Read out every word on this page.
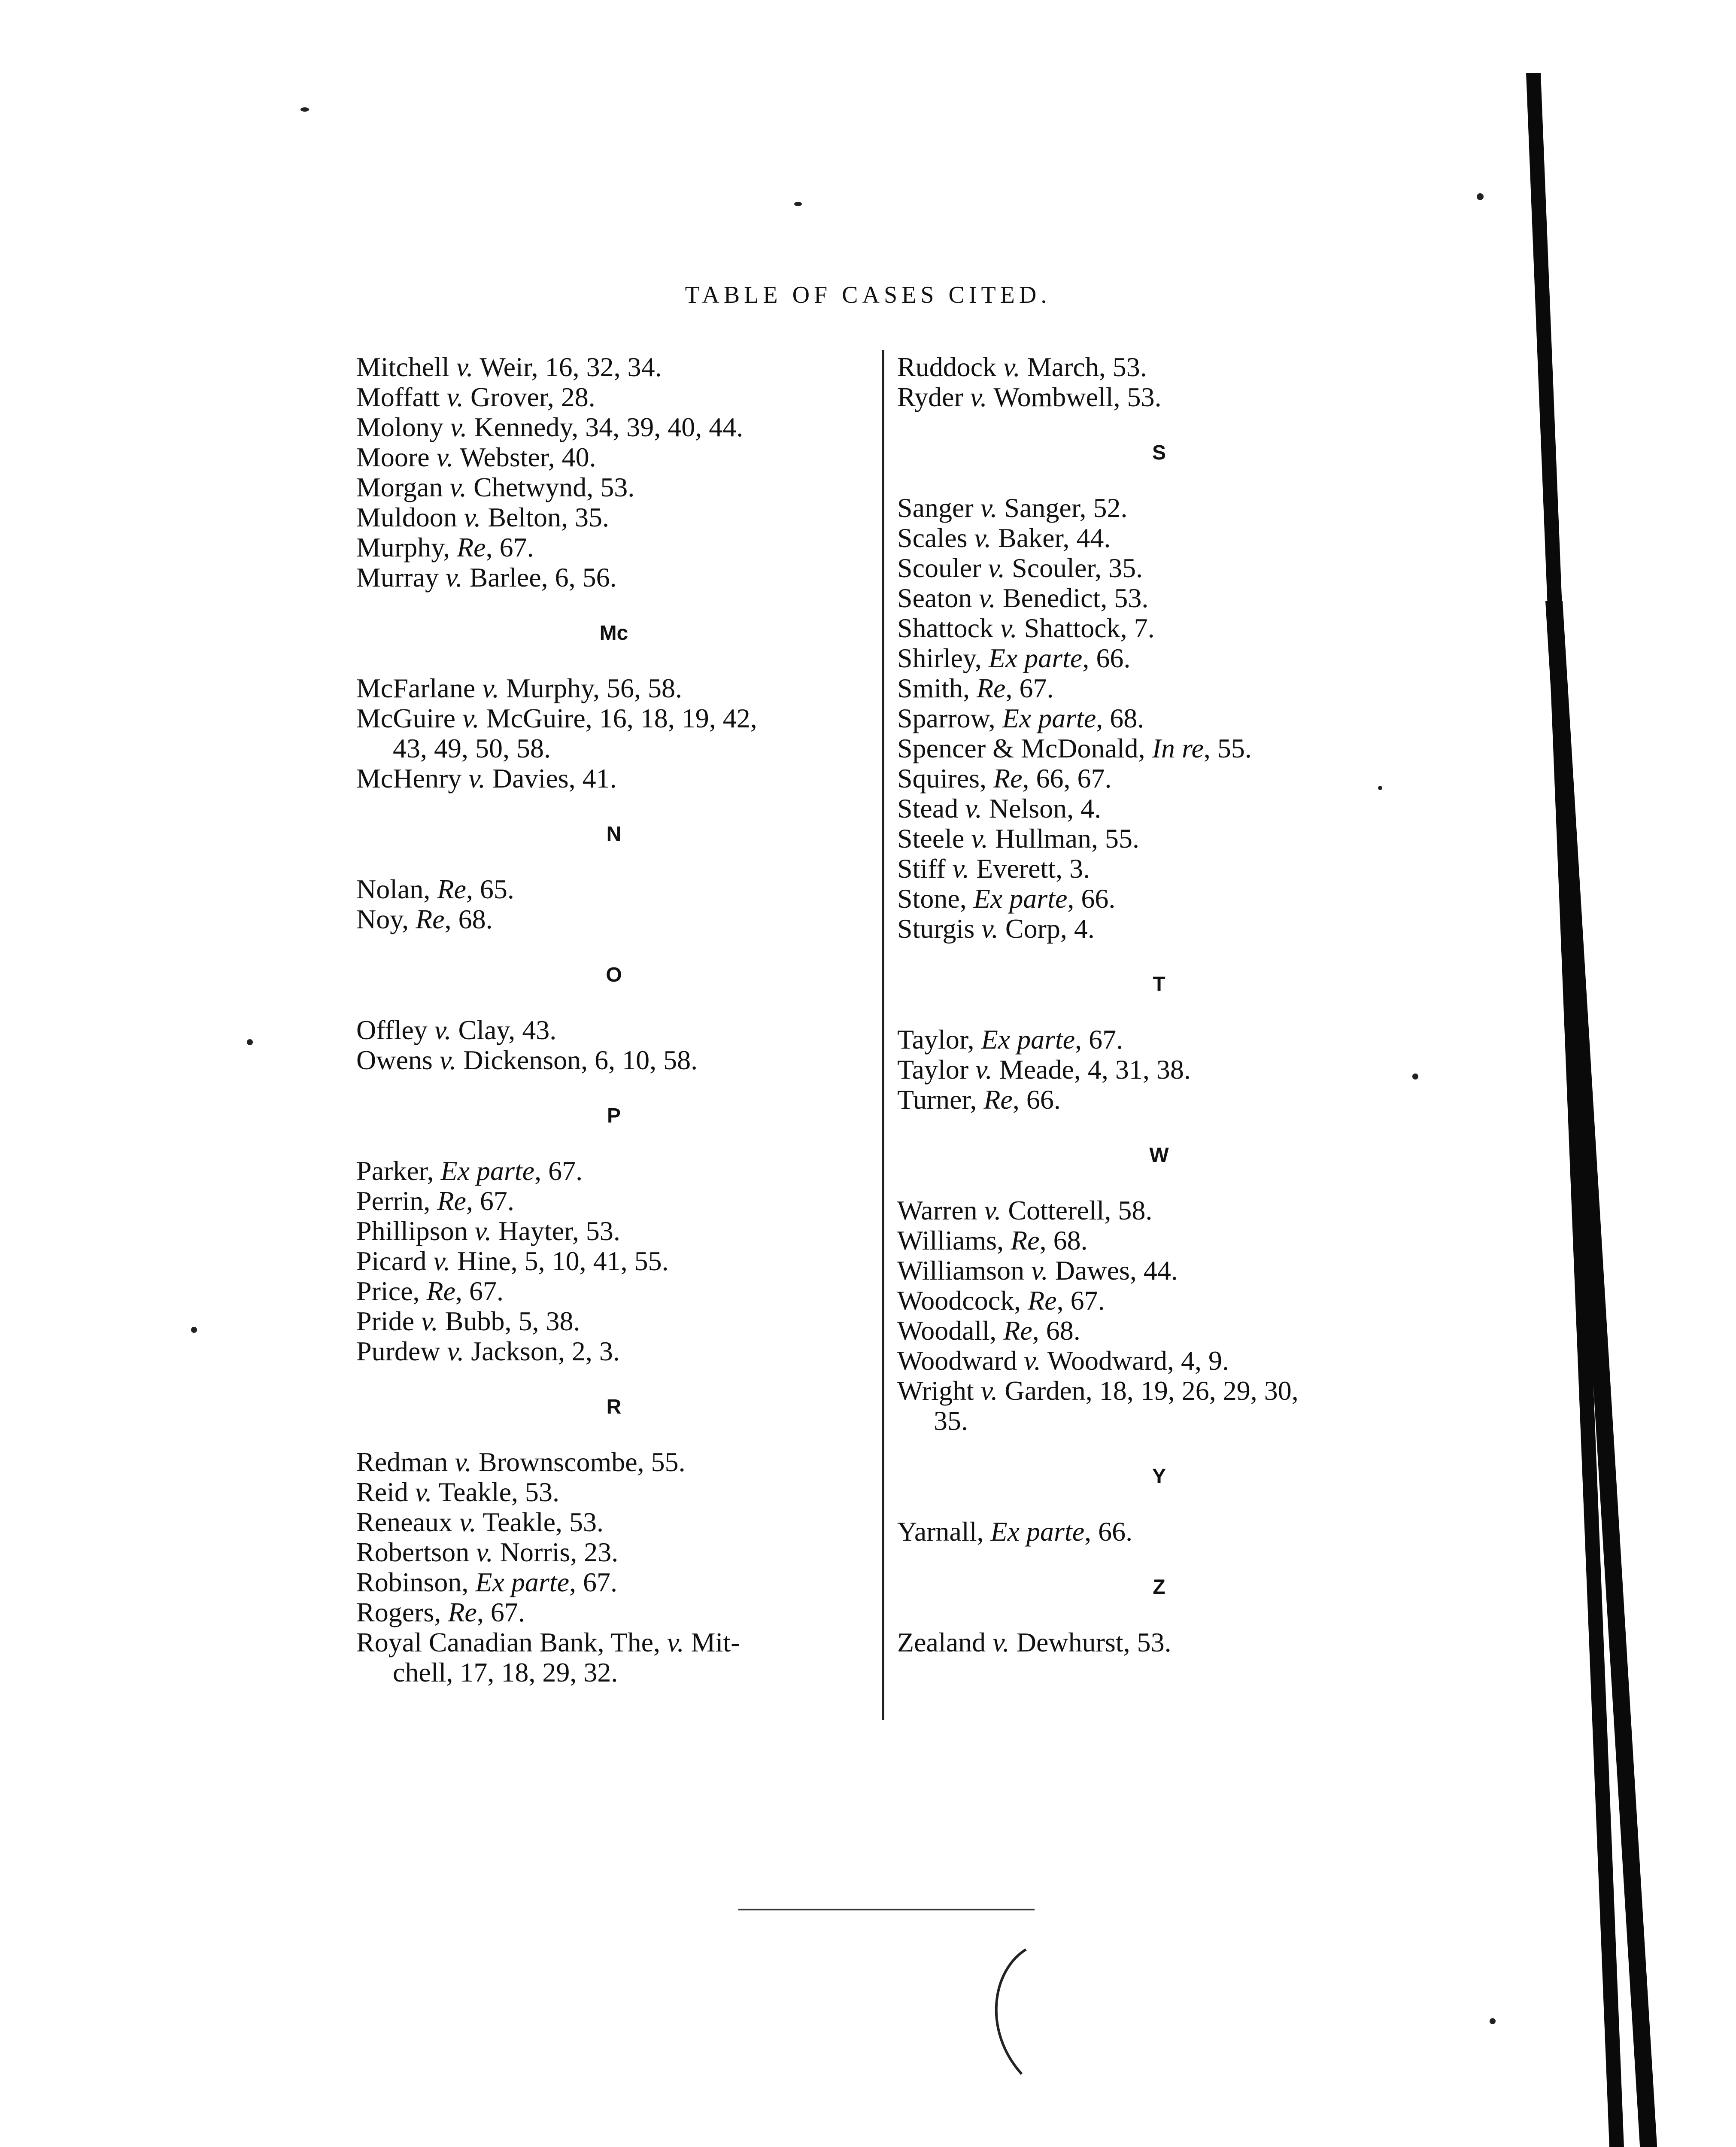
TABLE OF CASES CITED.
Mitchell v. Weir, 16, 32, 34.
Moffatt v. Grover, 28.
Molony v. Kennedy, 34, 39, 40, 44.
Moore v. Webster, 40.
Morgan v. Chetwynd, 53.
Muldoon v. Belton, 35.
Murphy, Re, 67.
Murray v. Barlee, 6, 56.
Mc
McFarlane v. Murphy, 56, 58.
McGuire v. McGuire, 16, 18, 19, 42,
43, 49, 50, 58.
McHenry v. Davies, 41.
N
Nolan, Re, 65.
Noy, Re, 68.
O
Offley v. Clay, 43.
Owens v. Dickenson, 6, 10, 58.
P
Parker, Ex parte, 67.
Perrin, Re, 67.
Phillipson v. Hayter, 53.
Picard v. Hine, 5, 10, 41, 55.
Price, Re, 67.
Pride v. Bubb, 5, 38.
Purdew v. Jackson, 2, 3.
R
Redman v. Brownscombe, 55.
Reid v. Teakle, 53.
Reneaux v. Teakle, 53.
Robertson v. Norris, 23.
Robinson, Ex parte, 67.
Rogers, Re, 67.
Royal Canadian Bank, The, v. Mit-
chell, 17, 18, 29, 32.
Ruddock v. March, 53.
Ryder v. Wombwell, 53.
S
Sanger v. Sanger, 52.
Scales v. Baker, 44.
Scouler v. Scouler, 35.
Seaton v. Benedict, 53.
Shattock v. Shattock, 7.
Shirley, Ex parte, 66.
Smith, Re, 67.
Sparrow, Ex parte, 68.
Spencer & McDonald, In re, 55.
Squires, Re, 66, 67.
Stead v. Nelson, 4.
Steele v. Hullman, 55.
Stiff v. Everett, 3.
Stone, Ex parte, 66.
Sturgis v. Corp, 4.
T
Taylor, Ex parte, 67.
Taylor v. Meade, 4, 31, 38.
Turner, Re, 66.
W
Warren v. Cotterell, 58.
Williams, Re, 68.
Williamson v. Dawes, 44.
Woodcock, Re, 67.
Woodall, Re, 68.
Woodward v. Woodward, 4, 9.
Wright v. Garden, 18, 19, 26, 29, 30,
35.
Y
Yarnall, Ex parte, 66.
Z
Zealand v. Dewhurst, 53.
